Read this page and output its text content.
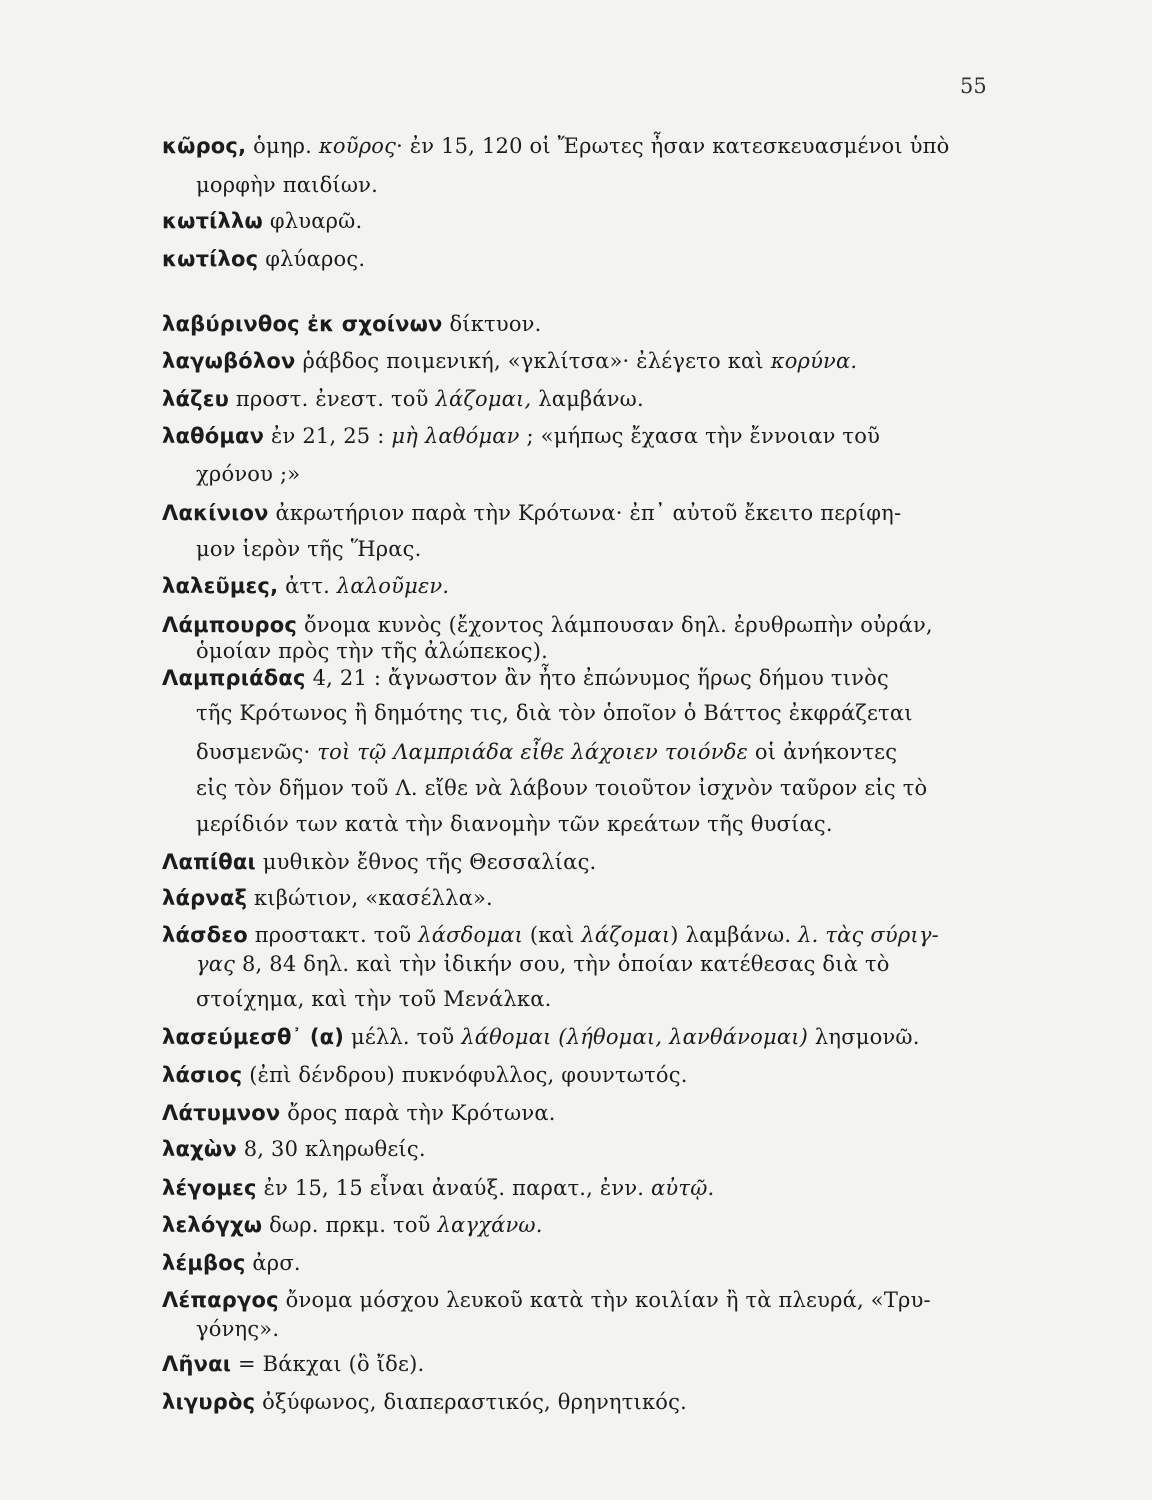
55
κῶρος, ὁμηρ. κοῦρος· ἐν 15, 120 οἱ Ἔρωτες ἦσαν κατεσκευασμένοι ὑπὸ
μορφὴν παιδίων.
κωτίλλω φλυαρῶ.
κωτίλος φλύαρος.
λαβύρινθος ἐκ σχοίνων δίκτυον.
λαγωβόλον ῥάβδος ποιμενική, «γκλίτσα»· ἐλέγετο καὶ κορύνα.
λάζευ προστ. ἐνεστ. τοῦ λάζομαι, λαμβάνω.
λαθόμαν ἐν 21, 25 : μὴ λαθόμαν ; «μήπως ἔχασα τὴν ἔννοιαν τοῦ
χρόνου ;»
Λακίνιον ἀκρωτήριον παρὰ τὴν Κρότωνα· ἐπ᾿ αὐτοῦ ἔκειτο περίφη-
μον ἱερὸν τῆς Ἥρας.
λαλεῦμες, ἀττ. λαλοῦμεν.
Λάμπουρος ὄνομα κυνὸς (ἔχοντος λάμπουσαν δηλ. ἐρυθρωπὴν οὐράν,
ὁμοίαν πρὸς τὴν τῆς ἀλώπεκος).
Λαμπριάδας 4, 21 : ἄγνωστον ἂν ἦτο ἐπώνυμος ἥρως δήμου τινὸς
τῆς Κρότωνος ἢ δημότης τις, διὰ τὸν ὁποῖον ὁ Βάττος ἐκφράζεται
δυσμενῶς· τοὶ τῷ Λαμπριάδα εἶθε λάχοιεν τοιόνδε οἱ ἀνήκοντες
εἰς τὸν δῆμον τοῦ Λ. εἴθε νὰ λάβουν τοιοῦτον ἰσχνὸν ταῦρον εἰς τὸ
μερίδιόν των κατὰ τὴν διανομὴν τῶν κρεάτων τῆς θυσίας.
Λαπίθαι μυθικὸν ἔθνος τῆς Θεσσαλίας.
λάρναξ κιβώτιον, «κασέλλα».
λάσδεο προστακτ. τοῦ λάσδομαι (καὶ λάζομαι) λαμβάνω. λ. τὰς σύριγ-
γας 8, 84 δηλ. καὶ τὴν ἰδικήν σου, τὴν ὁποίαν κατέθεσας διὰ τὸ
στοίχημα, καὶ τὴν τοῦ Μενάλκα.
λασεύμεσθ᾿ (α) μέλλ. τοῦ λάθομαι (λήθομαι, λανθάνομαι) λησμονῶ.
λάσιος (ἐπὶ δένδρου) πυκνόφυλλος, φουντωτός.
Λάτυμνον ὄρος παρὰ τὴν Κρότωνα.
λαχὼν 8, 30 κληρωθείς.
λέγομες ἐν 15, 15 εἶναι ἀναύξ. παρατ., ἐνν. αὐτῷ.
λελόγχω δωρ. πρκμ. τοῦ λαγχάνω.
λέμβος ἀρσ.
Λέπαργος ὄνομα μόσχου λευκοῦ κατὰ τὴν κοιλίαν ἢ τὰ πλευρά, «Τρυ-
γόνης».
Λῆναι = Βάκχαι (ὃ ἴδε).
λιγυρὸς ὀξύφωνος, διαπεραστικός, θρηνητικός.
